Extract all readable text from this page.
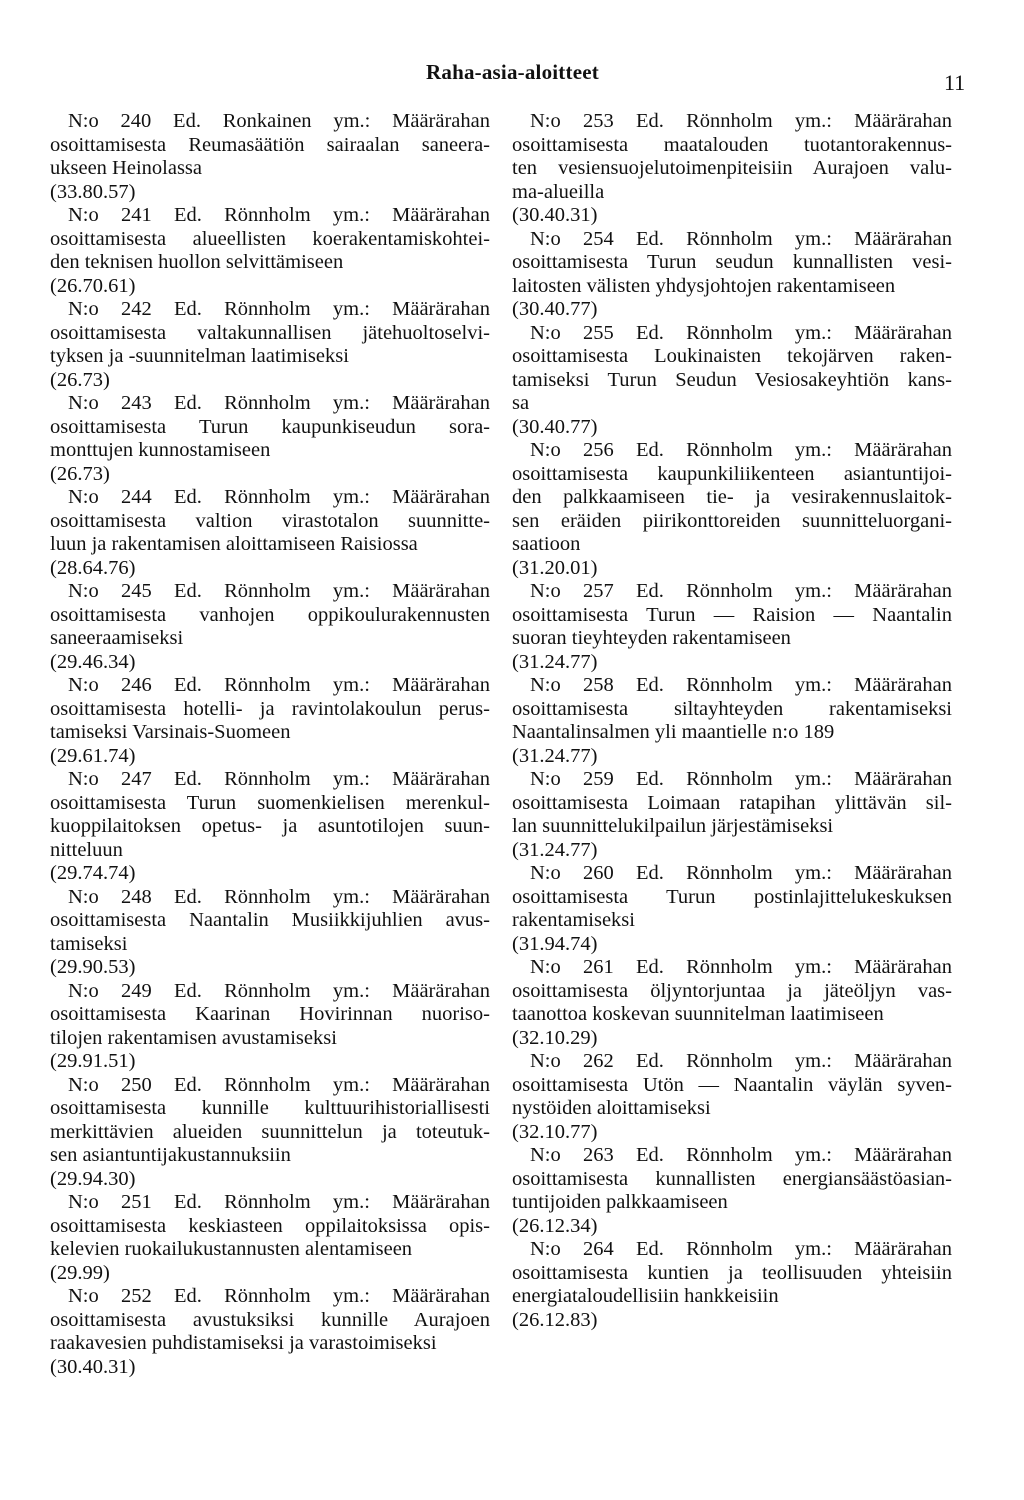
Raha-asia-aloitteet	11

N:o 240 Ed. Ronkainen ym.: Määrärahan
osoittamisesta Reumasäätiön sairaalan saneera-
ukseen Heinolassa
(33.80.57)

N:o 241 Ed. Rönnholm ym.: Määrärahan
osoittamisesta alueellisten koerakentamiskohtei-
den teknisen huollon selvittämiseen
(26.70.61)

N:o 242 Ed. Rönnholm ym.: Määrärahan
osoittamisesta valtakunnallisen jätehuoltoselvi-
tyksen ja -suunnitelman laatimiseksi
(26.73)

N:o 243 Ed. Rönnholm ym.: Määrärahan
osoittamisesta Turun kaupunkiseudun sora-
monttujen kunnostamiseen
(26.73)

N:o 244 Ed. Rönnholm ym.: Määrärahan
osoittamisesta valtion virastotalon suunnitte-
luun ja rakentamisen aloittamiseen Raisiossa
(28.64.76)

N:o 245 Ed. Rönnholm ym.: Määrärahan
osoittamisesta vanhojen oppikoulurakennusten
saneeraamiseksi
(29.46.34)

N:o 246 Ed. Rönnholm ym.: Määrärahan
osoittamisesta hotelli- ja ravintolakoulun perus-
tamiseksi Varsinais-Suomeen
(29.61.74)

N:o 247 Ed. Rönnholm ym.: Määrärahan
osoittamisesta Turun suomenkielisen merenkul-
kuoppilaitoksen opetus- ja asuntotilojen suun-
nitteluun
(29.74.74)

N:o 248 Ed. Rönnholm ym.: Määrärahan
osoittamisesta Naantalin Musiikkijuhlien avus-
tamiseksi
(29.90.53)

N:o 249 Ed. Rönnholm ym.: Määrärahan
osoittamisesta Kaarinan Hovirinnan nuoriso-
tilojen rakentamisen avustamiseksi
(29.91.51)

N:o 250 Ed. Rönnholm ym.: Määrärahan
osoittamisesta kunnille kulttuurihistoriallisesti
merkittävien alueiden suunnittelun ja toteutuk-
sen asiantuntijakustannuksiin
(29.94.30)

N:o 251 Ed. Rönnholm ym.: Määrärahan
osoittamisesta keskiasteen oppilaitoksissa opis-
kelevien ruokailukustannusten alentamiseen
(29.99)

N:o 252 Ed. Rönnholm ym.: Määrärahan
osoittamisesta avustuksiksi kunnille Aurajoen
raakavesien puhdistamiseksi ja varastoimiseksi
(30.40.31)

N:o 253 Ed. Rönnholm ym.: Määrärahan
osoittamisesta maatalouden tuotantorakennus-
ten vesiensuojelutoimenpiteisiin Aurajoen valu-
ma-alueilla
(30.40.31)

N:o 254 Ed. Rönnholm ym.: Määrärahan
osoittamisesta Turun seudun kunnallisten vesi-
laitosten välisten yhdysjohtojen rakentamiseen
(30.40.77)

N:o 255 Ed. Rönnholm ym.: Määrärahan
osoittamisesta Loukinaisten tekojärven raken-
tamiseksi Turun Seudun Vesiosakeyhtiön kans-
sa
(30.40.77)

N:o 256 Ed. Rönnholm ym.: Määrärahan
osoittamisesta kaupunkiliikenteen asiantuntijoi-
den palkkaamiseen tie- ja vesirakennuslaitok-
sen eräiden piirikonttoreiden suunnitteluorgani-
saatioon
(31.20.01)

N:o 257 Ed. Rönnholm ym.: Määrärahan
osoittamisesta Turun — Raision — Naantalin
suoran tieyhteyden rakentamiseen
(31.24.77)

N:o 258 Ed. Rönnholm ym.: Määrärahan
osoittamisesta siltayhteyden rakentamiseksi
Naantalinsalmen yli maantielle n:o 189
(31.24.77)

N:o 259 Ed. Rönnholm ym.: Määrärahan
osoittamisesta Loimaan ratapihan ylittävän sil-
lan suunnittelukilpailun järjestämiseksi
(31.24.77)

N:o 260 Ed. Rönnholm ym.: Määrärahan
osoittamisesta Turun postinlajittelukeskuksen
rakentamiseksi
(31.94.74)

N:o 261 Ed. Rönnholm ym.: Määrärahan
osoittamisesta öljyntorjuntaa ja jäteöljyn vas-
taanottoa koskevan suunnitelman laatimiseen
(32.10.29)

N:o 262 Ed. Rönnholm ym.: Määrärahan
osoittamisesta Utön — Naantalin väylän syven-
nystöiden aloittamiseksi
(32.10.77)

N:o 263 Ed. Rönnholm ym.: Määrärahan
osoittamisesta kunnallisten energiansäästöasian-
tuntijoiden palkkaamiseen
(26.12.34)

N:o 264 Ed. Rönnholm ym.: Määrärahan
osoittamisesta kuntien ja teollisuuden yhteisiin
energiataloudellisiin hankkeisiin
(26.12.83)
